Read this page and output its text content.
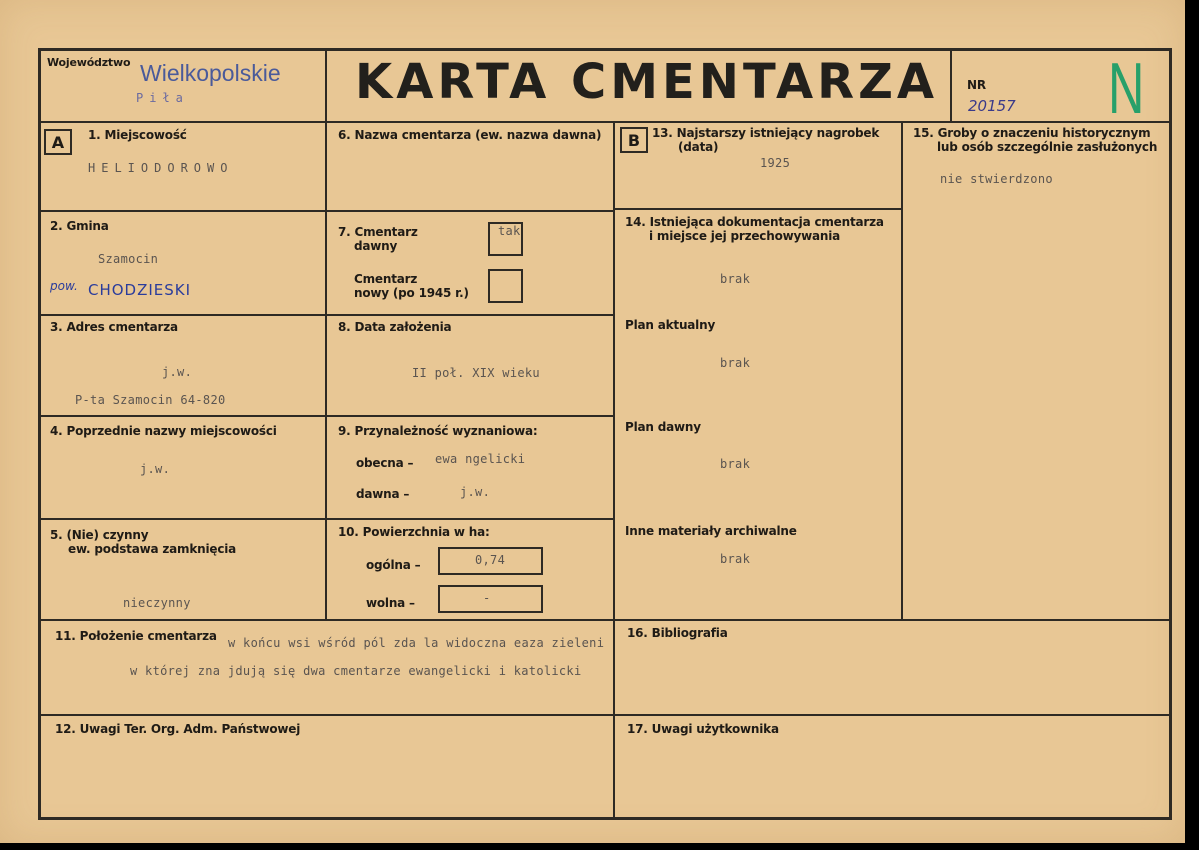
Województwo Wielkopolskie
Piła	KARTA CMENTARZA NR
20157 N
A	1. Miejscowość
HELIODOROWO
2. Gmina
Szamocin
pow. CHODZIESKI
3. Adres cmentarza
j.w.
P-ta Szamocin 64-820
4. Poprzednie nazwy miejscowości
j.w.
5. (Nie) czynny
ew. podstawa zamknięcia
nieczynny
6. Nazwa cmentarza (ew. nazwa dawna)
7. Cmentarz
dawny
tak
Cmentarz
nowy (po 1945 r.)
8. Data założenia
II poł. XIX wieku
9. Przynależność wyznaniowa:
obecna – ewa ngelicki
dawna –	j.w.
10. Powierzchnia w ha:
ogólna –	0,74
wolna –	-
B 13. Najstarszy istniejący nagrobek
(data)
1925
14. Istniejąca dokumentacja cmentarza
i miejsce jej przechowywania
brak
Plan aktualny
brak
Plan dawny
brak
Inne materiały archiwalne
brak
15. Groby o znaczeniu historycznym
lub osób szczególnie zasłużonych
nie stwierdzono
11. Położenie cmentarza w końcu wsi wśród pól zda la widoczna eaza zieleni
w której zna jdują się dwa cmentarze ewangelicki i katolicki
16. Bibliografia
12. Uwagi Ter. Org. Adm. Państwowej	17. Uwagi użytkownika
